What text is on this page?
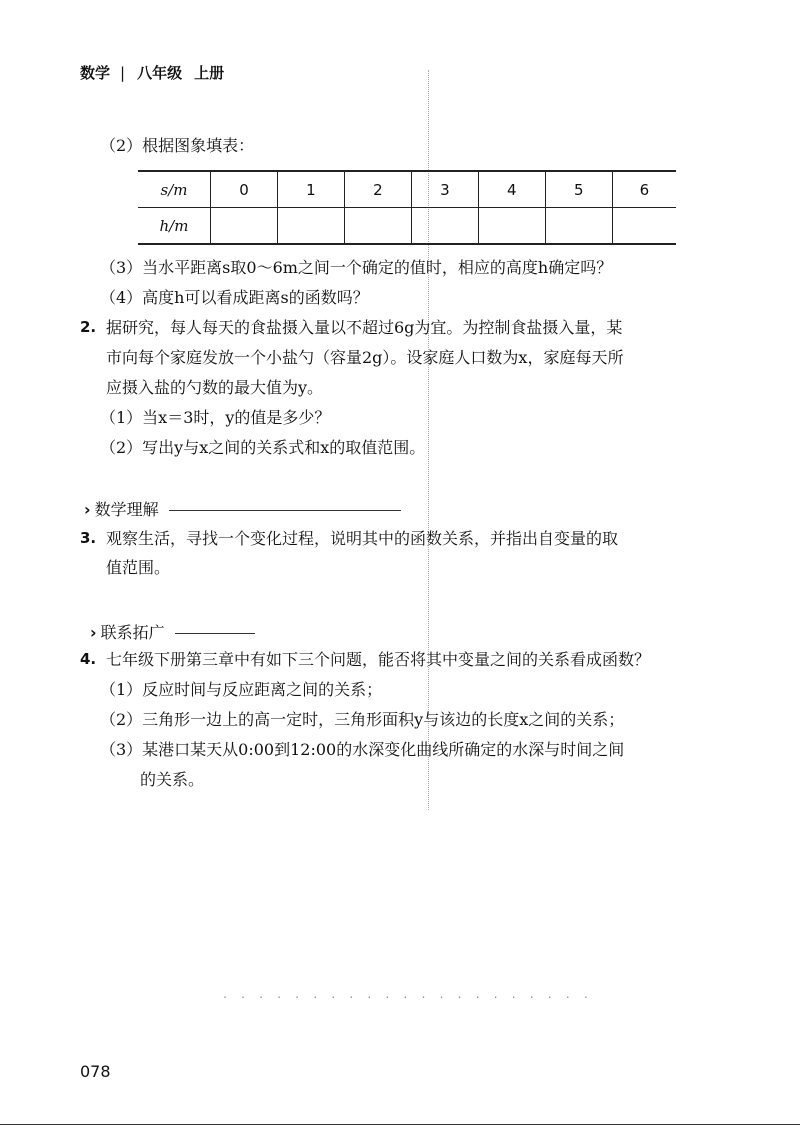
数学 | 八年级 上册
（2）根据图象填表：
s/m	0	1	2	3	4	5	6
h/m							
（3）当水平距离s取0～6m之间一个确定的值时，相应的高度h确定吗？
（4）高度h可以看成距离s的函数吗？
2. 据研究，每人每天的食盐摄入量以不超过6g为宜。为控制食盐摄入量，某
市向每个家庭发放一个小盐勺（容量2g）。设家庭人口数为x，家庭每天所
应摄入盐的勺数的最大值为y。
（1）当x＝3时，y的值是多少？
（2）写出y与x之间的关系式和x的取值范围。
› 数学理解
3. 观察生活，寻找一个变化过程，说明其中的函数关系，并指出自变量的取
值范围。
› 联系拓广
4. 七年级下册第三章中有如下三个问题，能否将其中变量之间的关系看成函数？
（1）反应时间与反应距离之间的关系；
（2）三角形一边上的高一定时，三角形面积y与该边的长度x之间的关系；
（3）某港口某天从0:00到12:00的水深变化曲线所确定的水深与时间之间
的关系。
. . . . . . . . . . . . . . . . . . . . .
078
